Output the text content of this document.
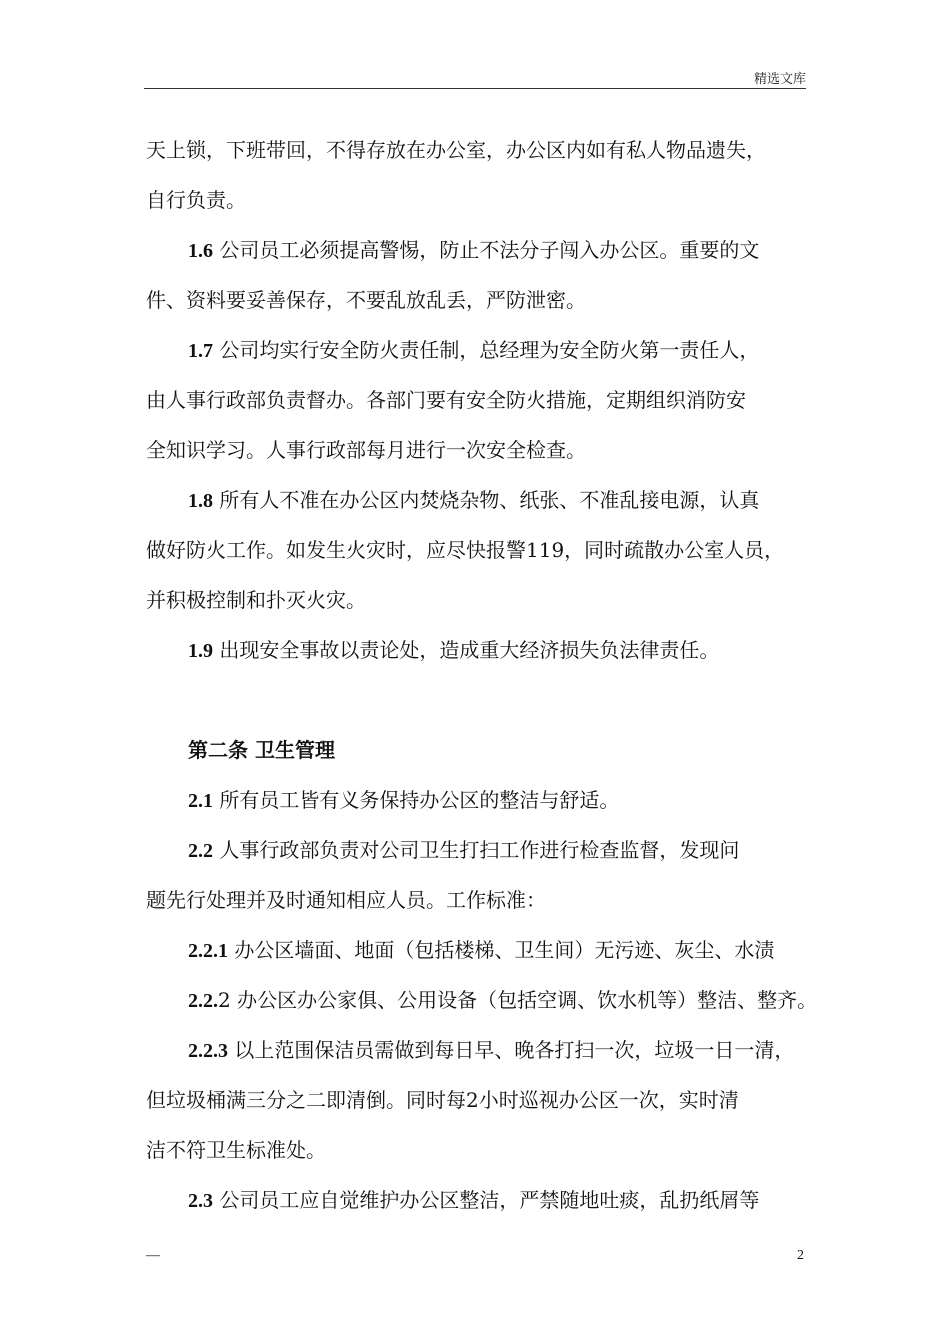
精选文库
天上锁，下班带回，不得存放在办公室，办公区内如有私人物品遗失，
自行负责。
1.6 公司员工必须提高警惕，防止不法分子闯入办公区。重要的文
件、资料要妥善保存，不要乱放乱丢，严防泄密。
1.7 公司均实行安全防火责任制，总经理为安全防火第一责任人，
由人事行政部负责督办。各部门要有安全防火措施，定期组织消防安
全知识学习。人事行政部每月进行一次安全检查。
1.8 所有人不准在办公区内焚烧杂物、纸张、不准乱接电源，认真
做好防火工作。如发生火灾时，应尽快报警119，同时疏散办公室人员，
并积极控制和扑灭火灾。
1.9 出现安全事故以责论处，造成重大经济损失负法律责任。
第二条 卫生管理
2.1 所有员工皆有义务保持办公区的整洁与舒适。
2.2 人事行政部负责对公司卫生打扫工作进行检查监督，发现问
题先行处理并及时通知相应人员。工作标准：
2.2.1 办公区墙面、地面（包括楼梯、卫生间）无污迹、灰尘、水渍
2.2.2 办公区办公家俱、公用设备（包括空调、饮水机等）整洁、整齐。
2.2.3 以上范围保洁员需做到每日早、晚各打扫一次，垃圾一日一清，
但垃圾桶满三分之二即清倒。同时每2小时巡视办公区一次，实时清
洁不符卫生标准处。
2.3 公司员工应自觉维护办公区整洁，严禁随地吐痰，乱扔纸屑等
—	2
